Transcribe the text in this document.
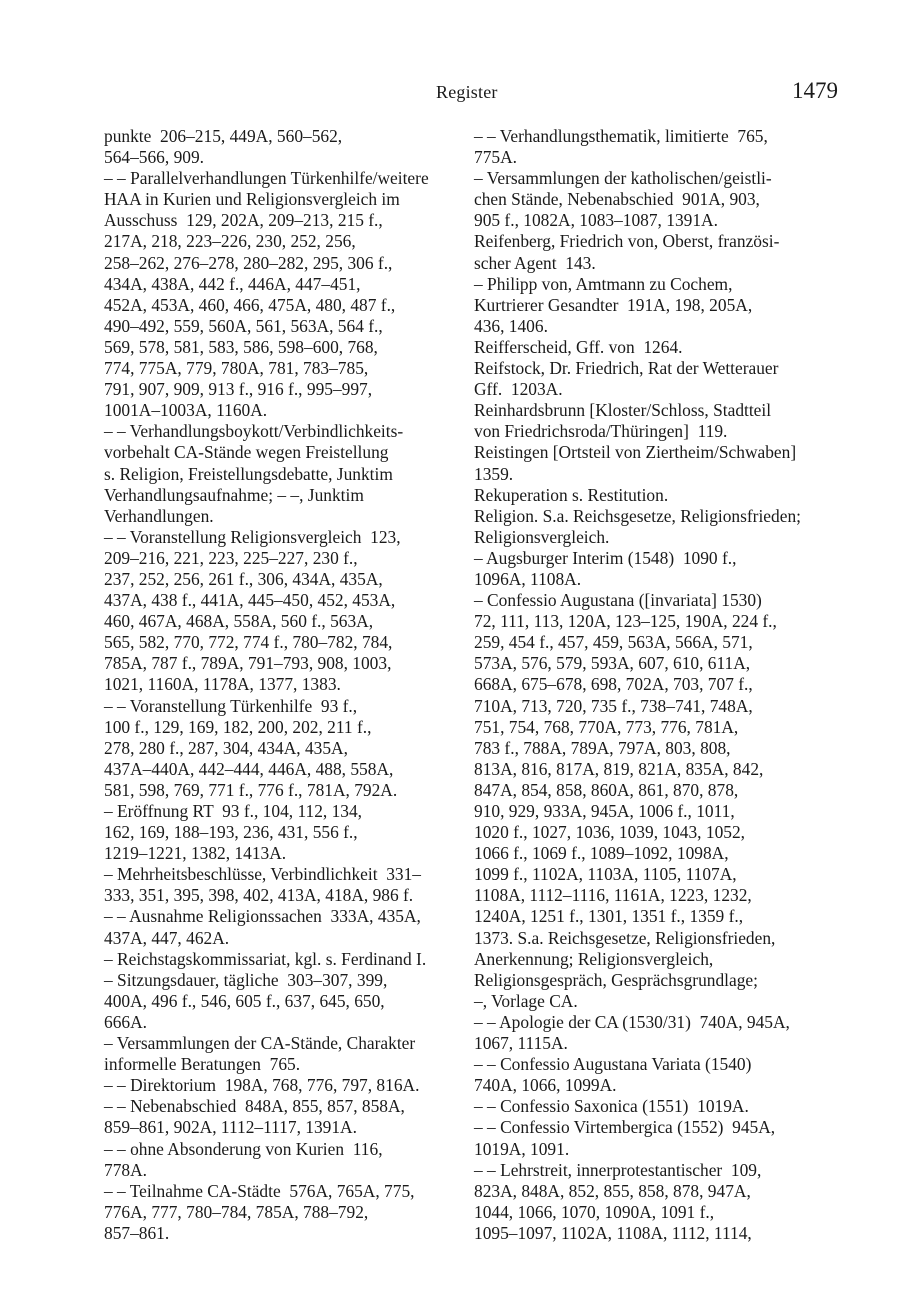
Register	1479
punkte  206–215, 449A, 560–562,
564–566, 909.
– – Parallelverhandlungen Türkenhilfe/weitere
HAA in Kurien und Religionsvergleich im
Ausschuss  129, 202A, 209–213, 215 f.,
217A, 218, 223–226, 230, 252, 256,
258–262, 276–278, 280–282, 295, 306 f.,
434A, 438A, 442 f., 446A, 447–451,
452A, 453A, 460, 466, 475A, 480, 487 f.,
490–492, 559, 560A, 561, 563A, 564 f.,
569, 578, 581, 583, 586, 598–600, 768,
774, 775A, 779, 780A, 781, 783–785,
791, 907, 909, 913 f., 916 f., 995–997,
1001A–1003A, 1160A.
– – Verhandlungsboykott/Verbindlichkeits-
vorbehalt CA-Stände wegen Freistellung
s. Religion, Freistellungsdebatte, Junktim
Verhandlungsaufnahme; – –, Junktim
Verhandlungen.
– – Voranstellung Religionsvergleich  123,
209–216, 221, 223, 225–227, 230 f.,
237, 252, 256, 261 f., 306, 434A, 435A,
437A, 438 f., 441A, 445–450, 452, 453A,
460, 467A, 468A, 558A, 560 f., 563A,
565, 582, 770, 772, 774 f., 780–782, 784,
785A, 787 f., 789A, 791–793, 908, 1003,
1021, 1160A, 1178A, 1377, 1383.
– – Voranstellung Türkenhilfe  93 f.,
100 f., 129, 169, 182, 200, 202, 211 f.,
278, 280 f., 287, 304, 434A, 435A,
437A–440A, 442–444, 446A, 488, 558A,
581, 598, 769, 771 f., 776 f., 781A, 792A.
– Eröffnung RT  93 f., 104, 112, 134,
162, 169, 188–193, 236, 431, 556 f.,
1219–1221, 1382, 1413A.
– Mehrheitsbeschlüsse, Verbindlichkeit  331–
333, 351, 395, 398, 402, 413A, 418A, 986 f.
– – Ausnahme Religionssachen  333A, 435A,
437A, 447, 462A.
– Reichstagskommissariat, kgl. s. Ferdinand I.
– Sitzungsdauer, tägliche  303–307, 399,
400A, 496 f., 546, 605 f., 637, 645, 650,
666A.
– Versammlungen der CA-Stände, Charakter
informelle Beratungen  765.
– – Direktorium  198A, 768, 776, 797, 816A.
– – Nebenabschied  848A, 855, 857, 858A,
859–861, 902A, 1112–1117, 1391A.
– – ohne Absonderung von Kurien  116,
778A.
– – Teilnahme CA-Städte  576A, 765A, 775,
776A, 777, 780–784, 785A, 788–792,
857–861.
– – Verhandlungsthematik, limitierte  765,
775A.
– Versammlungen der katholischen/geistli-
chen Stände, Nebenabschied  901A, 903,
905 f., 1082A, 1083–1087, 1391A.
Reifenberg, Friedrich von, Oberst, französi-
scher Agent  143.
– Philipp von, Amtmann zu Cochem,
Kurtrierer Gesandter  191A, 198, 205A,
436, 1406.
Reifferscheid, Gff. von  1264.
Reifstock, Dr. Friedrich, Rat der Wetterauer
Gff.  1203A.
Reinhardsbrunn [Kloster/Schloss, Stadtteil
von Friedrichsroda/Thüringen]  119.
Reistingen [Ortsteil von Ziertheim/Schwaben]
1359.
Rekuperation s. Restitution.
Religion. S.a. Reichsgesetze, Religionsfrieden;
Religionsvergleich.
– Augsburger Interim (1548)  1090 f.,
1096A, 1108A.
– Confessio Augustana ([invariata] 1530)
72, 111, 113, 120A, 123–125, 190A, 224 f.,
259, 454 f., 457, 459, 563A, 566A, 571,
573A, 576, 579, 593A, 607, 610, 611A,
668A, 675–678, 698, 702A, 703, 707 f.,
710A, 713, 720, 735 f., 738–741, 748A,
751, 754, 768, 770A, 773, 776, 781A,
783 f., 788A, 789A, 797A, 803, 808,
813A, 816, 817A, 819, 821A, 835A, 842,
847A, 854, 858, 860A, 861, 870, 878,
910, 929, 933A, 945A, 1006 f., 1011,
1020 f., 1027, 1036, 1039, 1043, 1052,
1066 f., 1069 f., 1089–1092, 1098A,
1099 f., 1102A, 1103A, 1105, 1107A,
1108A, 1112–1116, 1161A, 1223, 1232,
1240A, 1251 f., 1301, 1351 f., 1359 f.,
1373. S.a. Reichsgesetze, Religionsfrieden,
Anerkennung; Religionsvergleich,
Religionsgespräch, Gesprächsgrundlage;
–, Vorlage CA.
– – Apologie der CA (1530/31)  740A, 945A,
1067, 1115A.
– – Confessio Augustana Variata (1540)
740A, 1066, 1099A.
– – Confessio Saxonica (1551)  1019A.
– – Confessio Virtembergica (1552)  945A,
1019A, 1091.
– – Lehrstreit, innerprotestantischer  109,
823A, 848A, 852, 855, 858, 878, 947A,
1044, 1066, 1070, 1090A, 1091 f.,
1095–1097, 1102A, 1108A, 1112, 1114,
